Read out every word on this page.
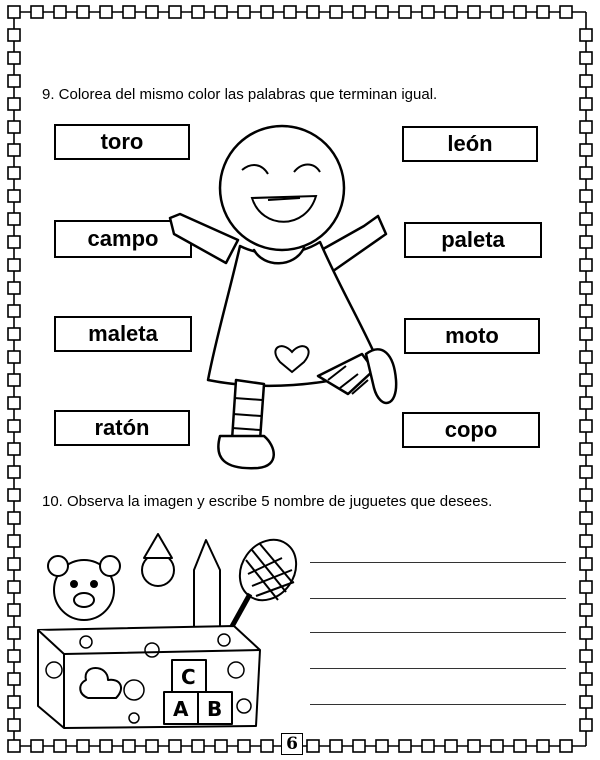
9. Colorea del mismo color las palabras que terminan igual.
toro
campo
maleta
ratón
león
paleta
moto
copo
10. Observa la imagen y escribe 5 nombre de juguetes que desees.
C
A B
6
